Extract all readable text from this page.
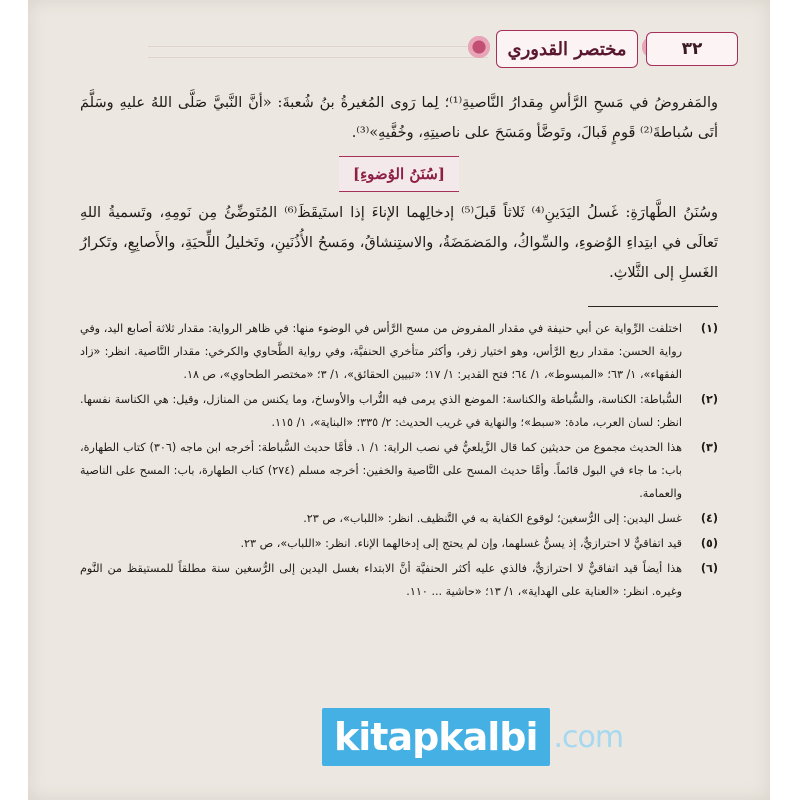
مختصر القدوري	٣٢

والمَفروضُ في مَسحِ الرَّأسِ مِقدارُ النَّاصيةِ⁽¹⁾؛ لِما رَوى المُغيرةُ بنُ شُعبةَ: «أنَّ النَّبيَّ صَلَّى اللهُ عليهِ وسَلَّمَ أتَى سُباطةَ⁽²⁾ قَومٍ فَبالَ، وتَوضَّأ ومَسَحَ على ناصيتِهِ، وخُفَّيهِ»⁽³⁾.

[سُنَنُ الوُضوءِ]

وسُنَنُ الطَّهارَةِ: غَسلُ اليَدَينِ⁽⁴⁾ ثَلاثاً قَبلَ⁽⁵⁾ إدخالِهما الإناءَ إذا استَيقَظَ⁽⁶⁾ المُتَوضِّئُ مِن نَومِهِ، وتَسميةُ اللهِ تَعالَى في ابتِداءِ الوُضوءِ، والسِّواكُ، والمَضمَضَةُ، والاستِنشاقُ، ومَسحُ الأُذُنَينِ، وتَخليلُ اللِّحيَةِ، والأَصابِعِ، وتَكرارُ الغَسلِ إلى الثَّلاثِ.

(١)
اختلفت الرِّواية عن أبي حنيفة في مقدار المفروض من مسح الرَّأس في الوضوء منها: في ظاهر الرواية: مقدار ثلاثة أصابع اليد، وفي رواية الحسن: مقدار ربع الرَّأس، وهو اختيار زفر، وأكثر متأخري الحنفيَّة، وفي رواية الطَّحاوي والكرخي: مقدار النَّاصية. انظر: «زاد الفقهاء»، ١/ ٦٣؛ «المبسوط»، ١/ ٦٤؛ فتح القدير: ١/ ١٧؛ «تبيين الحقائق»، ١/ ٣؛ «مختصر الطحاوي»، ص ١٨.
(٢)
السُّباطة: الكناسة، والسُّباطة والكناسة: الموضع الذي يرمى فيه التُّراب والأوساخ، وما يكنس من المنازل، وقيل: هي الكناسة نفسها. انظر: لسان العرب، مادة: «سبط»؛ والنهاية في غريب الحديث: ٢/ ٣٣٥؛ «البناية»، ١/ ١١٥.
(٣)
هذا الحديث مجموع من حديثين كما قال الزَّيلعيُّ في نصب الراية: ١/ ١. فأمَّا حديث السُّباطة: أخرجه ابن ماجه (٣٠٦) كتاب الطهارة، باب: ما جاء في البول قائماً. وأمَّا حديث المسح على النَّاصية والخفين: أخرجه مسلم (٢٧٤) كتاب الطهارة، باب: المسح على الناصية والعمامة.
(٤)
غسل اليدين: إلى الرُّسغين؛ لوقوع الكفاية به في التَّنظيف. انظر: «اللباب»، ص ٢٣.
(٥)
قيد اتفاقيٌّ لا احترازيٌّ، إذ يسنُّ غسلهما، وإن لم يحتج إلى إدخالهما الإناء. انظر: «اللباب»، ص ٢٣.
(٦)
هذا أيضاً قيد اتفاقيٌّ لا احترازيٌّ، فالذي عليه أكثر الحنفيَّة أنَّ الابتداء بغسل اليدين إلى الرُّسغين سنة مطلقاً للمستيقظ من النَّوم وغيره. انظر: «العناية على الهداية»، ١/ ١٣؛ «حاشية ... ١١٠.
kitapk a lbi .com
